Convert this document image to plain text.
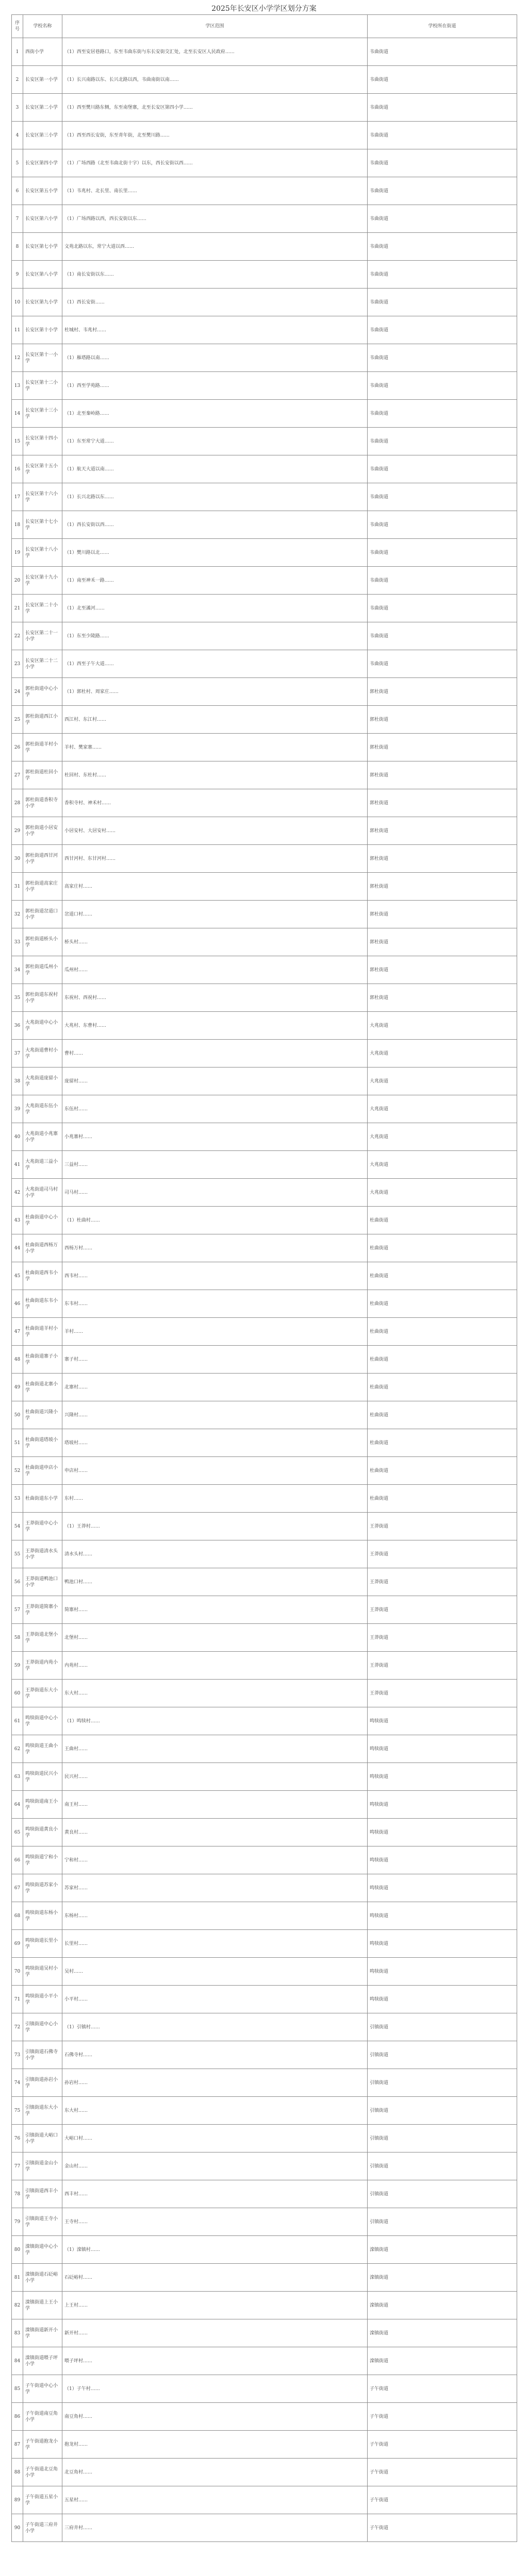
2025年长安区小学学区划分方案
序号	学校名称	学区范围	学校所在街道
1	西街小学	（1）西至安居巷路口，东至韦曲东街与东长安街交汇处，北至长安区人民政府……	韦曲街道
2	长安区第一小学	（1）长兴南路以东、长兴北路以西，韦曲南街以南……	韦曲街道
3	长安区第二小学	（1）西至樊川路东侧，东至南堡寨，北至长安区第四小学……	韦曲街道
4	长安区第三小学	（1）西至西长安街，东至青年街，北至樊川路……	韦曲街道
5	长安区第四小学	（1）广场西路（北至韦曲北街十字）以东，西长安街以西……	韦曲街道
6	长安区第五小学	（1）韦兆村、北长里、南长里……	韦曲街道
7	长安区第六小学	（1）广场西路以西，西长安街以东……	韦曲街道
8	长安区第七小学	文苑北路以东，常宁大道以西……	韦曲街道
9	长安区第八小学	（1）南长安街以东……	韦曲街道
10	长安区第九小学	（1）西长安街……	韦曲街道
11	长安区第十小学	杜城村、韦兆村……	韦曲街道
12	长安区第十一小学	（1）雁塔路以南……	韦曲街道
13	长安区第十二小学	（1）西至学苑路……	韦曲街道
14	长安区第十三小学	（1）北至秦岭路……	韦曲街道
15	长安区第十四小学	（1）东至常宁大道……	韦曲街道
16	长安区第十五小学	（1）航天大道以南……	韦曲街道
17	长安区第十六小学	（1）长兴北路以东……	韦曲街道
18	长安区第十七小学	（1）西长安街以西……	韦曲街道
19	长安区第十八小学	（1）樊川路以北……	韦曲街道
20	长安区第十九小学	（1）南至神禾一路……	韦曲街道
21	长安区第二十小学	（1）北至潏河……	韦曲街道
22	长安区第二十一小学	（1）东至少陵路……	韦曲街道
23	长安区第二十二小学	（1）西至子午大道……	韦曲街道
24	郭杜街道中心小学	（1）郭杜村、周家庄……	郭杜街道
25	郭杜街道西江小学	西江村、东江村……	郭杜街道
26	郭杜街道羊村小学	羊村、樊家寨……	郭杜街道
27	郭杜街道杜回小学	杜回村、东杜村……	郭杜街道
28	郭杜街道香积寺小学	香积寺村、神禾村……	郭杜街道
29	郭杜街道小居安小学	小居安村、大居安村……	郭杜街道
30	郭杜街道西甘河小学	西甘河村、东甘河村……	郭杜街道
31	郭杜街道高家庄小学	高家庄村……	郭杜街道
32	郭杜街道岔道口小学	岔道口村……	郭杜街道
33	郭杜街道桥头小学	桥头村……	郭杜街道
34	郭杜街道瓜州小学	瓜州村……	郭杜街道
35	郭杜街道东祝村小学	东祝村、西祝村……	郭杜街道
36	大兆街道中心小学	大兆村、东曹村……	大兆街道
37	大兆街道曹村小学	曹村……	大兆街道
38	大兆街道庞留小学	庞留村……	大兆街道
39	大兆街道东伍小学	东伍村……	大兆街道
40	大兆街道小兆寨小学	小兆寨村……	大兆街道
41	大兆街道三益小学	三益村……	大兆街道
42	大兆街道司马村小学	司马村……	大兆街道
43	杜曲街道中心小学	（1）杜曲村……	杜曲街道
44	杜曲街道西杨万小学	西杨万村……	杜曲街道
45	杜曲街道西韦小学	西韦村……	杜曲街道
46	杜曲街道东韦小学	东韦村……	杜曲街道
47	杜曲街道羊村小学	羊村……	杜曲街道
48	杜曲街道寨子小学	寨子村……	杜曲街道
49	杜曲街道北寨小学	北寨村……	杜曲街道
50	杜曲街道兴隆小学	兴隆村……	杜曲街道
51	杜曲街道塔坡小学	塔坡村……	杜曲街道
52	杜曲街道申店小学	申店村……	杜曲街道
53	杜曲街道东小学	东村……	杜曲街道
54	王莽街道中心小学	（1）王莽村……	王莽街道
55	王莽街道清水头小学	清水头村……	王莽街道
56	王莽街道鸭池口小学	鸭池口村……	王莽街道
57	王莽街道简寨小学	简寨村……	王莽街道
58	王莽街道北堡小学	北堡村……	王莽街道
59	王莽街道内苑小学	内苑村……	王莽街道
60	王莽街道东大小学	东大村……	王莽街道
61	鸣犊街道中心小学	（1）鸣犊村……	鸣犊街道
62	鸣犊街道王曲小学	王曲村……	鸣犊街道
63	鸣犊街道民兴小学	民兴村……	鸣犊街道
64	鸣犊街道南王小学	南王村……	鸣犊街道
65	鸣犊街道黄良小学	黄良村……	鸣犊街道
66	鸣犊街道宁和小学	宁和村……	鸣犊街道
67	鸣犊街道苏家小学	苏家村……	鸣犊街道
68	鸣犊街道东杨小学	东杨村……	鸣犊街道
69	鸣犊街道长里小学	长里村……	鸣犊街道
70	鸣犊街道吴村小学	吴村……	鸣犊街道
71	鸣犊街道小平小学	小平村……	鸣犊街道
72	引镇街道中心小学	（1）引镇村……	引镇街道
73	引镇街道石佛寺小学	石佛寺村……	引镇街道
74	引镇街道孙岩小学	孙岩村……	引镇街道
75	引镇街道东大小学	东大村……	引镇街道
76	引镇街道大峪口小学	大峪口村……	引镇街道
77	引镇街道金山小学	金山村……	引镇街道
78	引镇街道西丰小学	西丰村……	引镇街道
79	引镇街道王寺小学	王寺村……	引镇街道
80	滦镇街道中心小学	（1）滦镇村……	滦镇街道
81	滦镇街道石砭峪小学	石砭峪村……	滦镇街道
82	滦镇街道上王小学	上王村……	滦镇街道
83	滦镇街道新开小学	新开村……	滦镇街道
84	滦镇街道喂子坪小学	喂子坪村……	滦镇街道
85	子午街道中心小学	（1）子午村……	子午街道
86	子午街道南豆角小学	南豆角村……	子午街道
87	子午街道抱龙小学	抱龙村……	子午街道
88	子午街道北豆角小学	北豆角村……	子午街道
89	子午街道五星小学	五星村……	子午街道
90	子午街道三府井小学	三府井村……	子午街道
